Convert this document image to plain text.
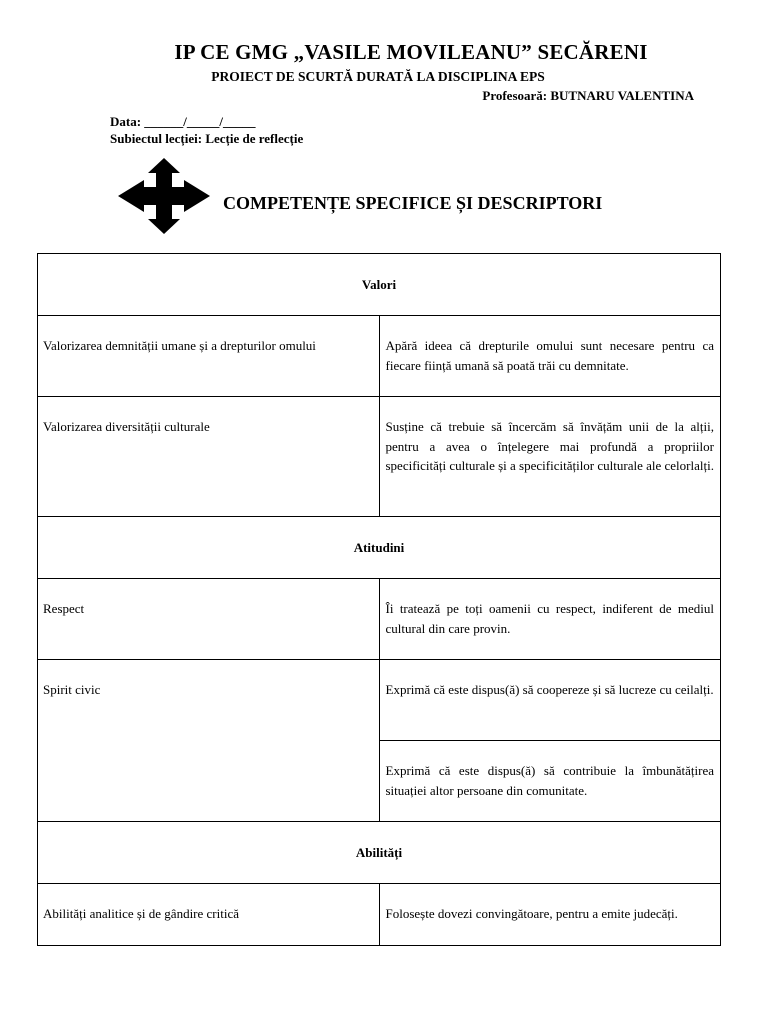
IP CE GMG „VASILE MOVILEANU” SECĂRENI
PROIECT DE SCURTĂ DURATĂ LA DISCIPLINA EPS
Profesoară: BUTNARU VALENTINA
Data: ______/_____/_____
Subiectul lecției: Lecție de reflecție
COMPETENȚE SPECIFICE ȘI DESCRIPTORI
Valori	

Valorizarea demnității umane și a drepturilor omului	Apără ideea că drepturile omului sunt necesare pentru ca fiecare ființă umană să poată trăi cu demnitate.

Valorizarea diversității culturale	Susține că trebuie să încercăm să învățăm unii de la alții, pentru a avea o înțelegere mai profundă a propriilor specificități culturale și a specificităților culturale ale celorlalți.

Atitudini	

Respect	Îi tratează pe toți oamenii cu respect, indiferent de mediul cultural din care provin.

Spirit civic	Exprimă că este dispus(ă) să coopereze și să lucreze cu ceilalți.

	Exprimă că este dispus(ă) să contribuie la îmbunătățirea situației altor persoane din comunitate.

Abilități	

Abilități analitice și de gândire critică	Folosește dovezi convingătoare, pentru a emite judecăți.
